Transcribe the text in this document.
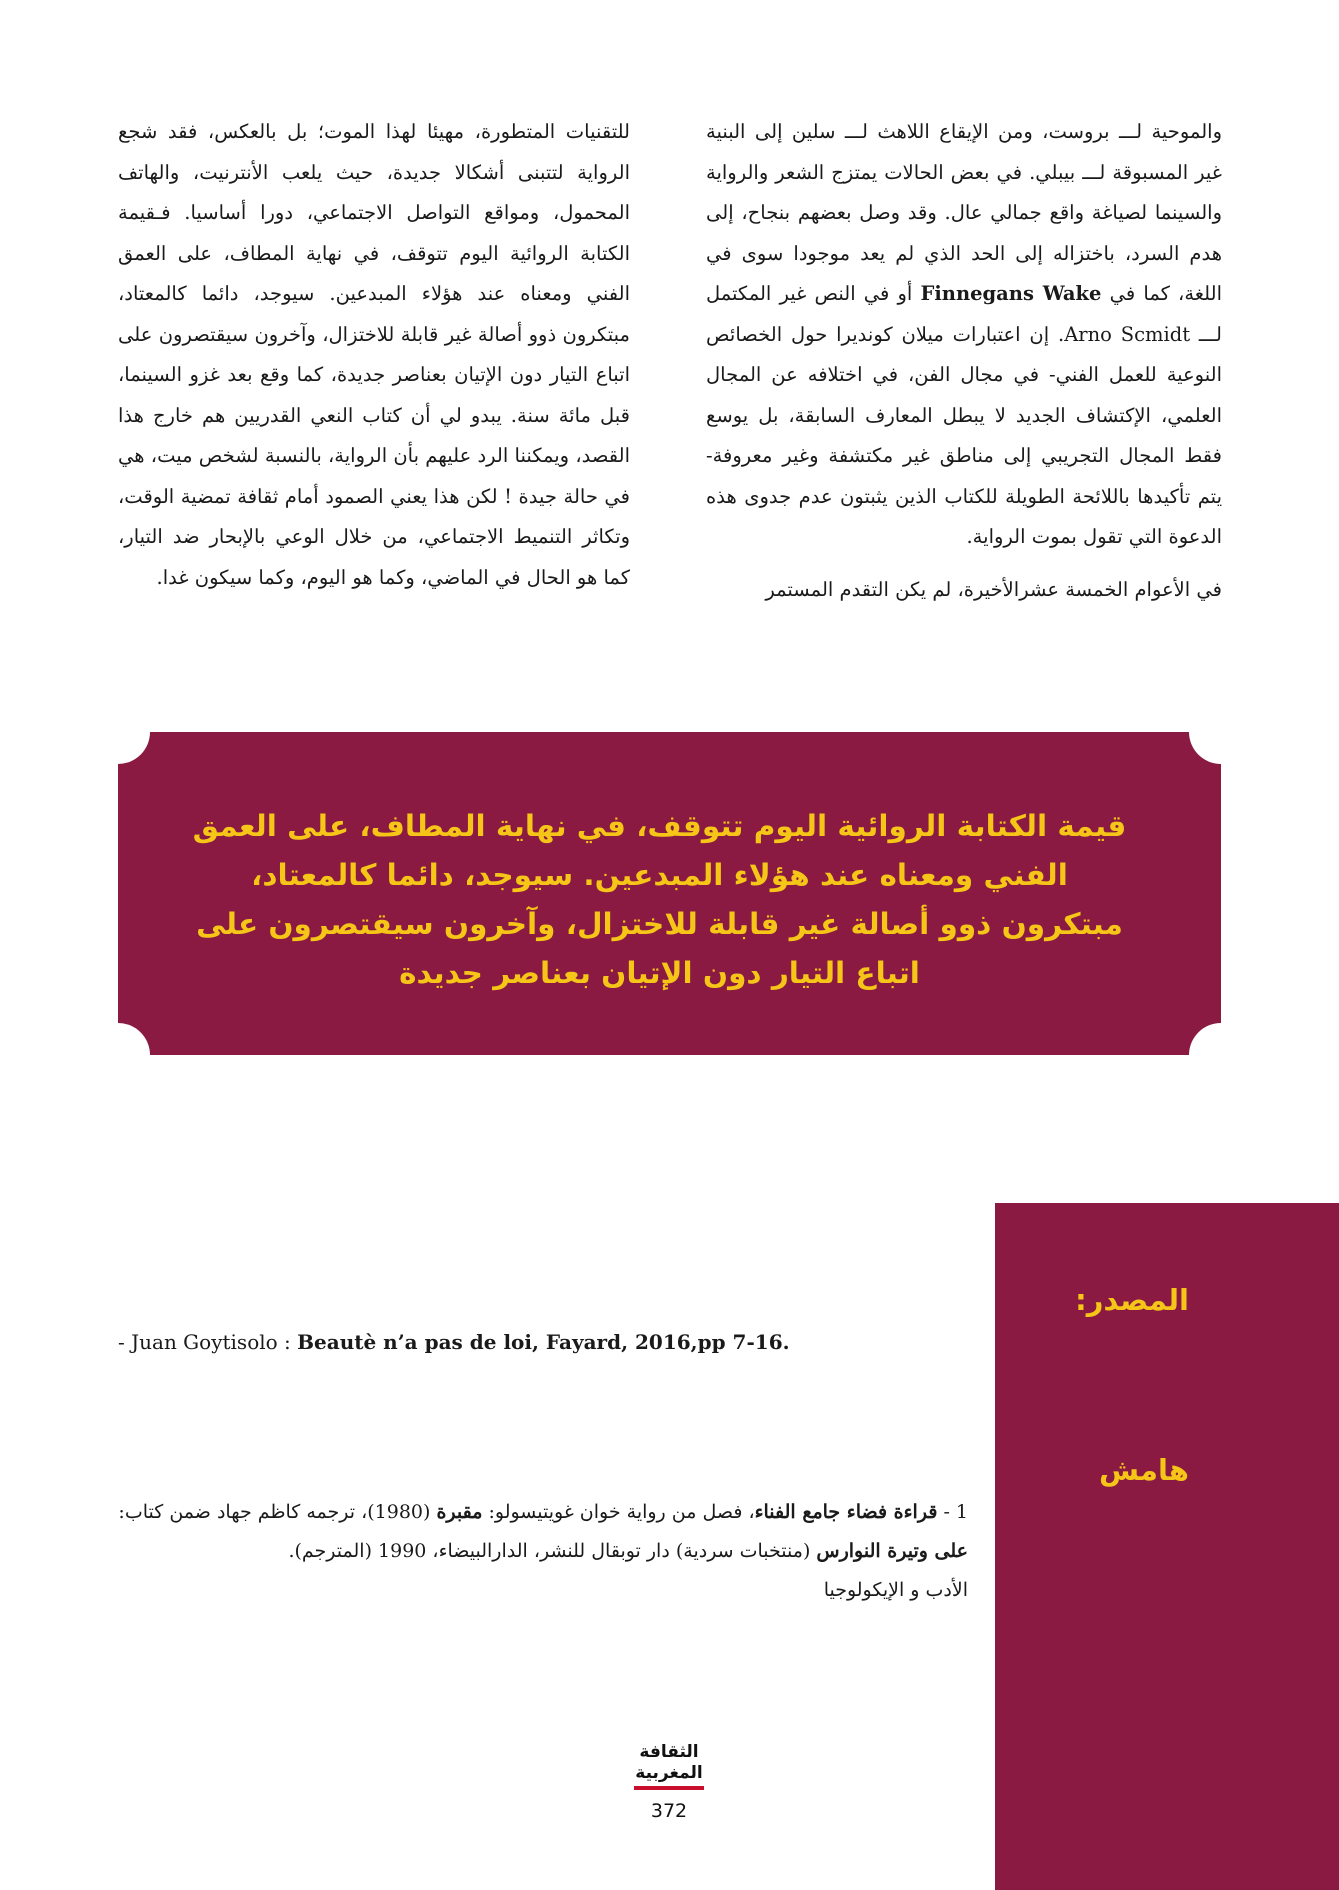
والموحية لـــ بروست، ومن الإيقاع اللاهث لـــ سلين إلى البنية غير المسبوقة لـــ بيبلي. في بعض الحالات يمتزج الشعر والرواية والسينما لصياغة واقع جمالي عال. وقد وصل بعضهم بنجاح، إلى هدم السرد، باختزاله إلى الحد الذي لم يعد موجودا سوى في اللغة، كما في Finnegans Wake أو في النص غير المكتمل لـــ Arno Scmidt. إن اعتبارات ميلان كونديرا حول الخصائص النوعية للعمل الفني- في مجال الفن، في اختلافه عن المجال العلمي، الإكتشاف الجديد لا يبطل المعارف السابقة، بل يوسع فقط المجال التجريبي إلى مناطق غير مكتشفة وغير معروفة- يتم تأكيدها باللائحة الطويلة للكتاب الذين يثبتون عدم جدوى هذه الدعوة التي تقول بموت الرواية.

في الأعوام الخمسة عشرالأخيرة، لم يكن التقدم المستمر

للتقنيات المتطورة، مهيئا لهذا الموت؛ بل بالعكس، فقد شجع الرواية لتتبنى أشكالا جديدة، حيث يلعب الأنترنيت، والهاتف المحمول، ومواقع التواصل الاجتماعي، دورا أساسيا. فـقيمة الكتابة الروائية اليوم تتوقف، في نهاية المطاف، على العمق الفني ومعناه عند هؤلاء المبدعين. سيوجد، دائما كالمعتاد، مبتكرون ذوو أصالة غير قابلة للاختزال، وآخرون سيقتصرون على اتباع التيار دون الإتيان بعناصر جديدة، كما وقع بعد غزو السينما، قبل مائة سنة. يبدو لي أن كتاب النعي القدريين هم خارج هذا القصد، ويمكننا الرد عليهم بأن الرواية، بالنسبة لشخص ميت، هي في حالة جيدة ! لكن هذا يعني الصمود أمام ثقافة تمضية الوقت، وتكاثر التنميط الاجتماعي، من خلال الوعي بالإبحار ضد التيار، كما هو الحال في الماضي، وكما هو اليوم، وكما سيكون غدا.

قيمة الكتابة الروائية اليوم تتوقف، في نهاية المطاف، على العمق الفني ومعناه عند هؤلاء المبدعين. سيوجد، دائما كالمعتاد، مبتكرون ذوو أصالة غير قابلة للاختزال، وآخرون سيقتصرون على اتباع التيار دون الإتيان بعناصر جديدة
المصدر:
هامش
- Juan Goytisolo : Beautè n’a pas de loi, Fayard, 2016,pp 7-16.

1 - قراءة فضاء جامع الفناء، فصل من رواية خوان غويتيسولو: مقبرة (1980)، ترجمه كاظم جهاد ضمن كتاب: على وتيرة النوارس (منتخبات سردية) دار توبقال للنشر، الدارالبيضاء، 1990 (المترجم).

الأدب و الإيكولوجيا

الثقافة
المغربية
372
